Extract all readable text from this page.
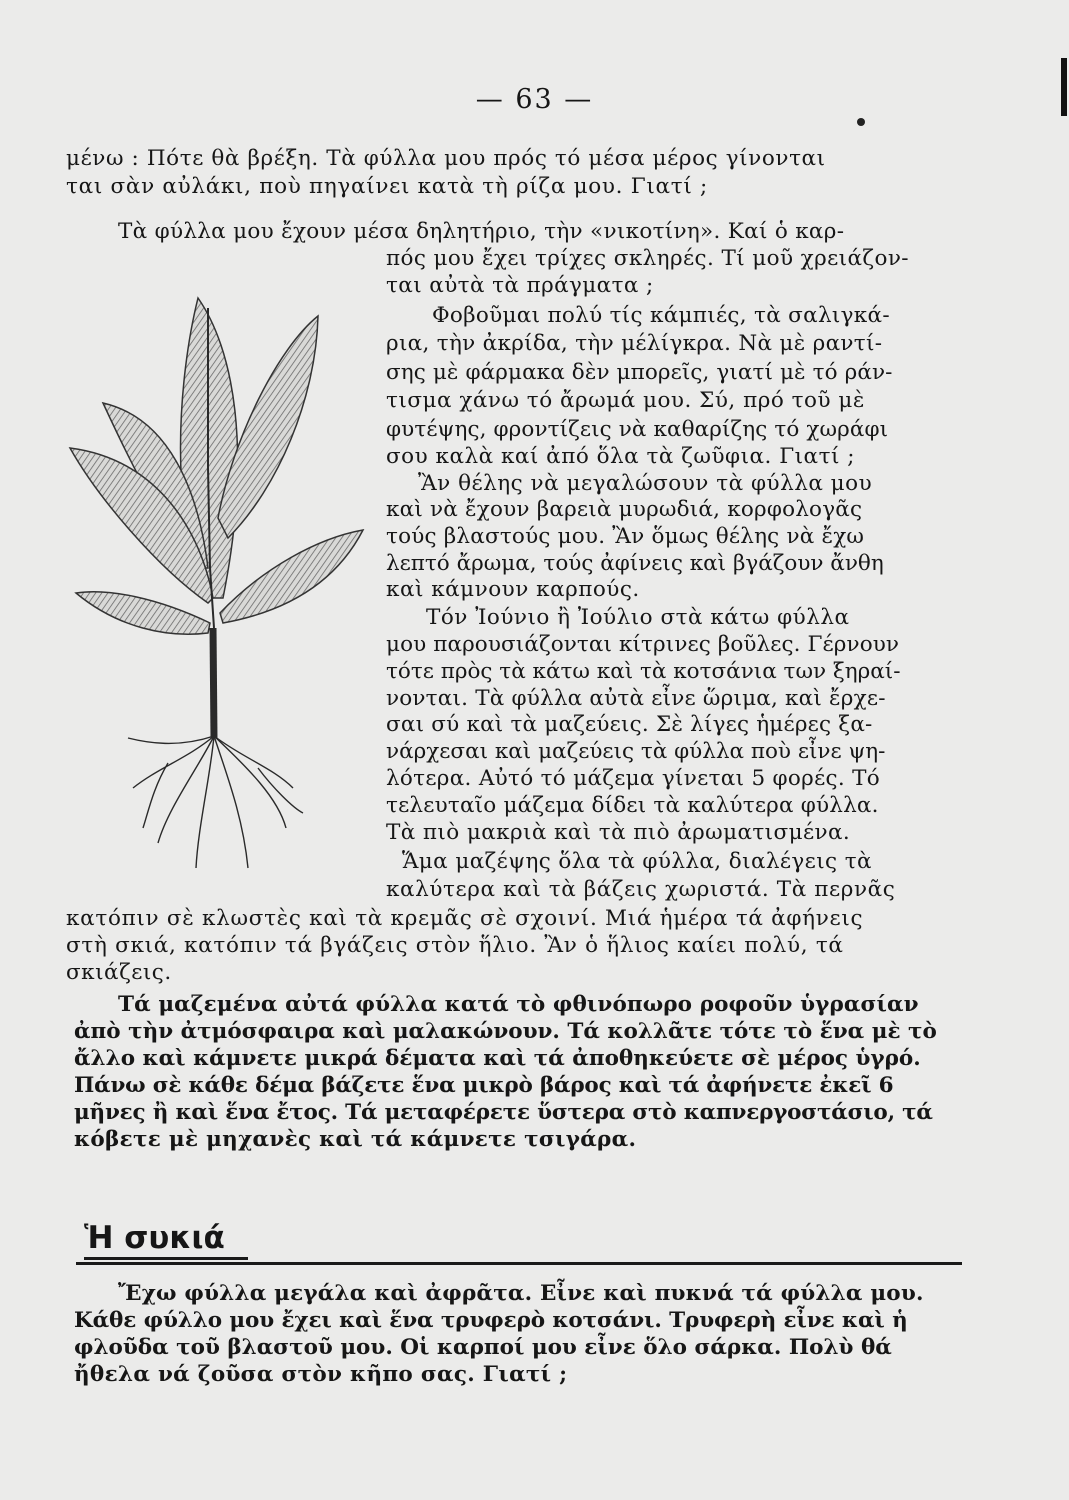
— 63 —

μένω : Πότε θὰ βρέξη. Τὰ φύλλα μου πρός τό μέσα μέρος γίνονται

ται σὰν αὐλάκι, ποὺ πηγαίνει κατὰ τὴ ρίζα μου. Γιατί ;

Τὰ φύλλα μου ἔχουν μέσα δηλητήριο, τὴν «νικοτίνη». Καί ὁ καρ-

πός μου ἔχει τρίχες σκληρές. Τί μοῦ χρειάζον-

ται αὐτὰ τὰ πράγματα ;

Φοβοῦμαι πολύ τίς κάμπιές, τὰ σαλιγκά-

ρια, τὴν ἀκρίδα, τὴν μέλίγκρα. Νὰ μὲ ραντί-

σης μὲ φάρμακα δὲν μπορεῖς, γιατί μὲ τό ράν-

τισμα χάνω τό ἄρωμά μου. Σύ, πρό τοῦ μὲ

φυτέψης, φροντίζεις νὰ καθαρίζης τό χωράφι

σου καλὰ καί ἀπό ὅλα τὰ ζωῦφια. Γιατί ;

Ἂν θέλης νὰ μεγαλώσουν τὰ φύλλα μου

καὶ νὰ ἔχουν βαρειὰ μυρωδιά, κορφολογᾶς

τούς βλαστούς μου. Ἂν ὅμως θέλης νὰ ἔχω

λεπτό ἄρωμα, τούς ἀφίνεις καὶ βγάζουν ἄνθη

καὶ κάμνουν καρπούς.

Τόν Ἰούνιο ἢ Ἰούλιο στὰ κάτω φύλλα

μου παρουσιάζονται κίτρινες βοῦλες. Γέρνουν

τότε πρὸς τὰ κάτω καὶ τὰ κοτσάνια των ξηραί-

νονται. Τὰ φύλλα αὐτὰ εἶνε ὥριμα, καὶ ἔρχε-

σαι σύ καὶ τὰ μαζεύεις. Σὲ λίγες ἡμέρες ξα-

νάρχεσαι καὶ μαζεύεις τὰ φύλλα ποὺ εἶνε ψη-

λότερα. Αὐτό τό μάζεμα γίνεται 5 φορές. Τό

τελευταῖο μάζεμα δίδει τὰ καλύτερα φύλλα.

Τὰ πιὸ μακριὰ καὶ τὰ πιὸ ἀρωματισμένα.

Ἅμα μαζέψης ὅλα τὰ φύλλα, διαλέγεις τὰ

καλύτερα καὶ τὰ βάζεις χωριστά. Τὰ περνᾶς

κατόπιν σὲ κλωστὲς καὶ τὰ κρεμᾶς σὲ σχοινί. Μιά ἡμέρα τά ἀφήνεις

στὴ σκιά, κατόπιν τά βγάζεις στὸν ἥλιο. Ἂν ὁ ἥλιος καίει πολύ, τά

σκιάζεις.

Τά μαζεμένα αὐτά φύλλα κατά τὸ φθινόπωρο ροφοῦν ὑγρασίαν

ἀπὸ τὴν ἀτμόσφαιρα καὶ μαλακώνουν. Τά κολλᾶτε τότε τὸ ἕνα μὲ τὸ

ἄλλο καὶ κάμνετε μικρά δέματα καὶ τά ἀποθηκεύετε σὲ μέρος ὑγρό.

Πάνω σὲ κάθε δέμα βάζετε ἕνα μικρὸ βάρος καὶ τά ἀφήνετε ἐκεῖ 6

μῆνες ἢ καὶ ἕνα ἔτος. Τά μεταφέρετε ὕστερα στὸ καπνεργοστάσιο, τά

κόβετε μὲ μηχανὲς καὶ τά κάμνετε τσιγάρα.

Ἡ συκιά

Ἔχω φύλλα μεγάλα καὶ ἀφρᾶτα. Εἶνε καὶ πυκνά τά φύλλα μου.

Κάθε φύλλο μου ἔχει καὶ ἕνα τρυφερὸ κοτσάνι. Τρυφερὴ εἶνε καὶ ἡ

φλοῦδα τοῦ βλαστοῦ μου. Οἱ καρποί μου εἶνε ὅλο σάρκα. Πολὺ θά

ἤθελα νά ζοῦσα στὸν κῆπο σας. Γιατί ;
